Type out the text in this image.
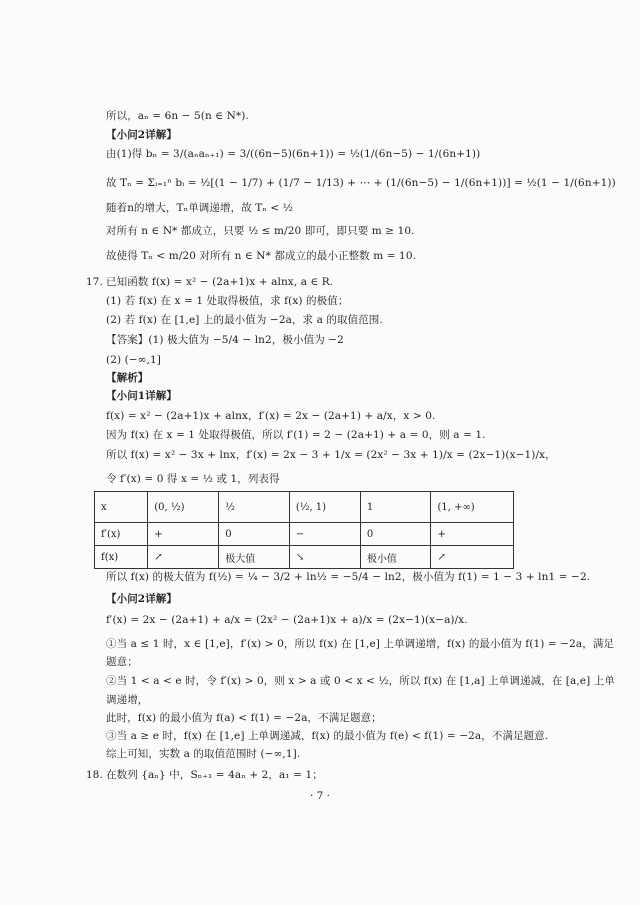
所以，aₙ = 6n − 5(n ∈ N*).
【小问2详解】
由(1)得 bₙ = 3/(aₙaₙ₊₁) = 3/((6n−5)(6n+1)) = ½(1/(6n−5) − 1/(6n+1))
故 Tₙ = Σᵢ₌₁ⁿ bᵢ = ½[(1 − 1/7) + (1/7 − 1/13) + ⋯ + (1/(6n−5) − 1/(6n+1))] = ½(1 − 1/(6n+1))
随着n的增大，Tₙ单调递增，故 Tₙ < ½
对所有 n ∈ N* 都成立，只要 ½ ≤ m/20 即可，即只要 m ≥ 10.
故使得 Tₙ < m/20 对所有 n ∈ N* 都成立的最小正整数 m = 10.
17. 已知函数 f(x) = x² − (2a+1)x + alnx, a ∈ R.
(1) 若 f(x) 在 x = 1 处取得极值，求 f(x) 的极值；
(2) 若 f(x) 在 [1,e] 上的最小值为 −2a，求 a 的取值范围.
【答案】(1) 极大值为 −5/4 − ln2，极小值为 −2
(2) (−∞,1]
【解析】
【小问1详解】
f(x) = x² − (2a+1)x + alnx，f′(x) = 2x − (2a+1) + a/x，x > 0.
因为 f(x) 在 x = 1 处取得极值，所以 f′(1) = 2 − (2a+1) + a = 0，则 a = 1.
所以 f(x) = x² − 3x + lnx，f′(x) = 2x − 3 + 1/x = (2x² − 3x + 1)/x = (2x−1)(x−1)/x，
令 f′(x) = 0 得 x = ½ 或 1，列表得
x	(0, ½)	½	(½, 1)	1	(1, +∞)
f′(x)	+	0	−	0	+
f(x)	↗	极大值	↘	极小值	↗
所以 f(x) 的极大值为 f(½) = ¼ − 3/2 + ln½ = −5/4 − ln2，极小值为 f(1) = 1 − 3 + ln1 = −2.
【小问2详解】
f′(x) = 2x − (2a+1) + a/x = (2x² − (2a+1)x + a)/x = (2x−1)(x−a)/x.
①当 a ≤ 1 时，x ∈ [1,e]，f′(x) > 0，所以 f(x) 在 [1,e] 上单调递增，f(x) 的最小值为 f(1) = −2a，满足
题意；
②当 1 < a < e 时，令 f′(x) > 0，则 x > a 或 0 < x < ½，所以 f(x) 在 [1,a] 上单调递减，在 [a,e] 上单
调递增，
此时，f(x) 的最小值为 f(a) < f(1) = −2a，不满足题意；
③当 a ≥ e 时，f(x) 在 [1,e] 上单调递减，f(x) 的最小值为 f(e) < f(1) = −2a，不满足题意.
综上可知，实数 a 的取值范围时 (−∞,1].
18. 在数列 {aₙ} 中，Sₙ₊₁ = 4aₙ + 2，a₁ = 1；
· 7 ·
